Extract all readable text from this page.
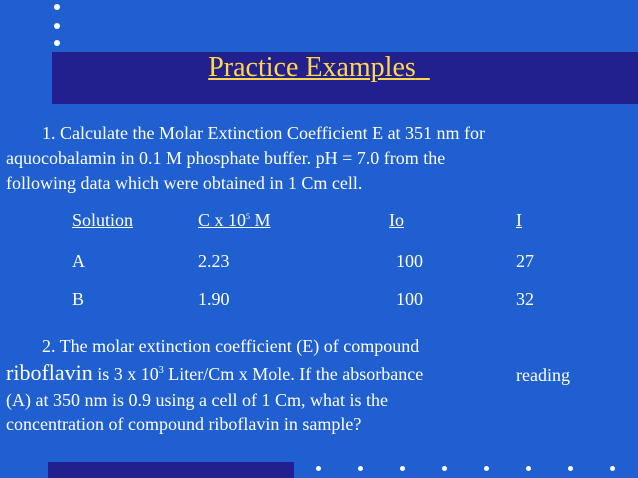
Practice Examples
1. Calculate the Molar Extinction Coefficient E at 351 nm for
aquocobalamin in 0.1 M phosphate buffer. pH = 7.0 from the
following data which were obtained in 1 Cm cell.
Solution	C x $10^5$ M	Io	I
A	2.23	100	27
B	1.90	100	32
2. The molar extinction coefficient (E) of compound
riboflavin is 3 x $10^3$ Liter/Cm x Mole. If the absorbance	reading
(A) at 350 nm is 0.9 using a cell of 1 Cm, what is the
concentration of compound riboflavin in sample?
